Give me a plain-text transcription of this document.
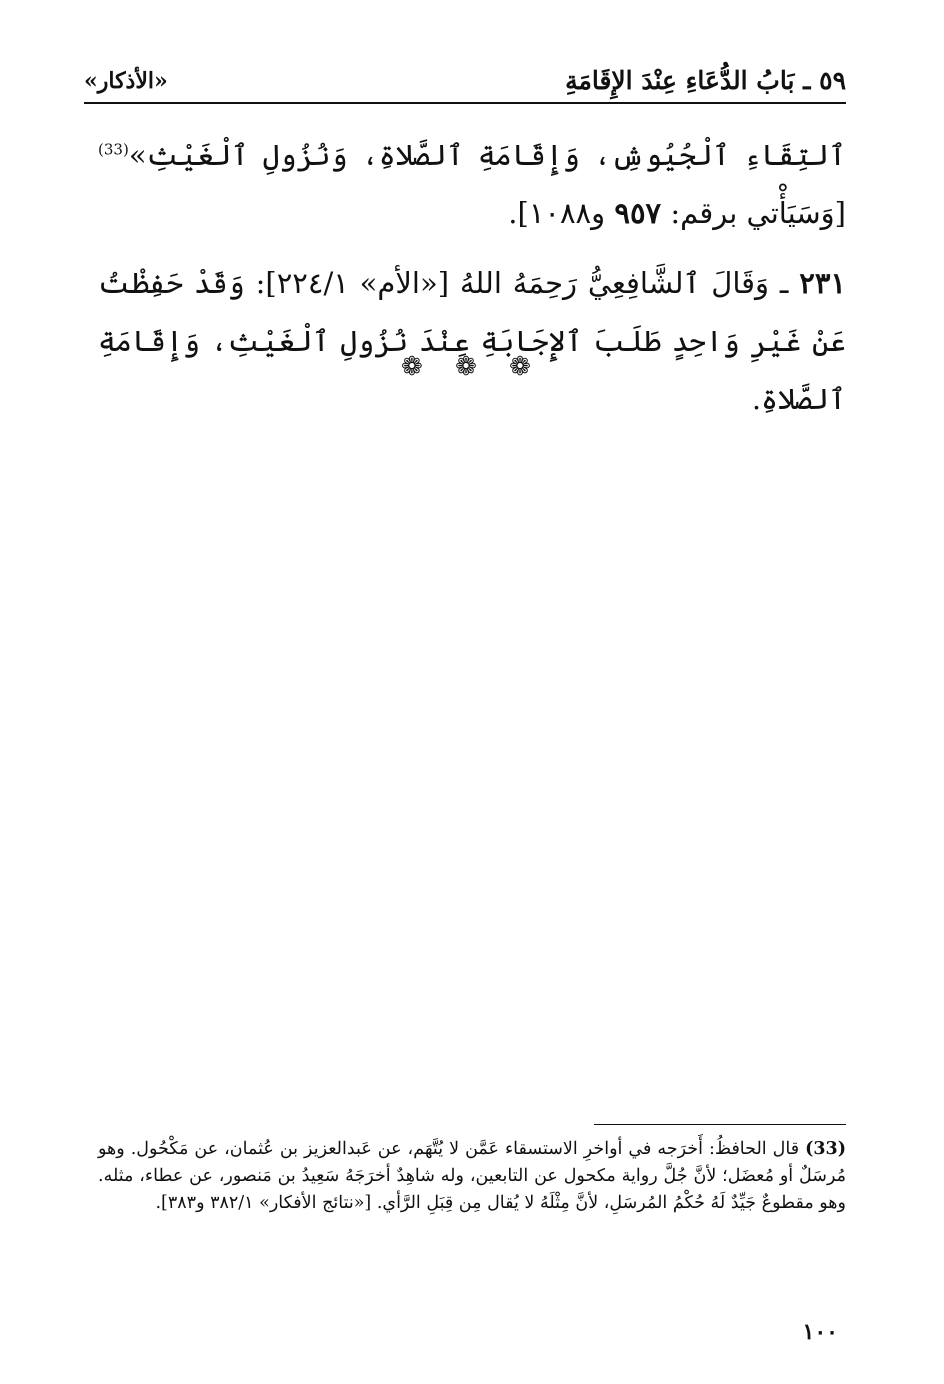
٥٩ ـ بَابُ الدُّعَاءِ عِنْدَ الإِقَامَةِ
«الأذكار»

ٱلتِقَاءِ ٱلْجُيُوشِ، وَإِقَامَةِ ٱلصَّلاةِ، وَنُزُولِ ٱلْغَيْثِ»$^{(33)}$ [وَسَيَأْتي برقم: ٩٥٧ و١٠٨٨].

٢٣١ ـ وَقَالَ ٱلشَّافِعِيُّ رَحِمَهُ اللهُ [«الأم» ٢٢٤/١]: وَقَدْ حَفِظْتُ عَنْ غَيْرِ وَاحِدٍ طَلَبَ ٱلإِجَابَةِ عِنْدَ نُزُولِ ٱلْغَيْثِ، وَإِقَامَةِ ٱلصَّلاةِ.

❁ ❁ ❁

(33) قال الحافظُ: أَخرَجه في أواخرِ الاستسقاء عَمَّن لا يُتَّهَم، عن عَبدالعزيز بن عُثمان، عن مَكْحُول. وهو مُرسَلٌ أو مُعضَل؛ لأنَّ جُلَّ رواية مكحول عن التابعين، وله شاهِدٌ أخرَجَهُ سَعِيدُ بن مَنصور، عن عطاء، مثله. وهو مقطوعٌ جَيِّدٌ لَهُ حُكْمُ المُرسَلِ، لأنَّ مِثْلَهُ لا يُقال مِن قِبَلِ الرَّأي. [«نتائج الأفكار» ٣٨٢/١ و٣٨٣].

١٠٠
